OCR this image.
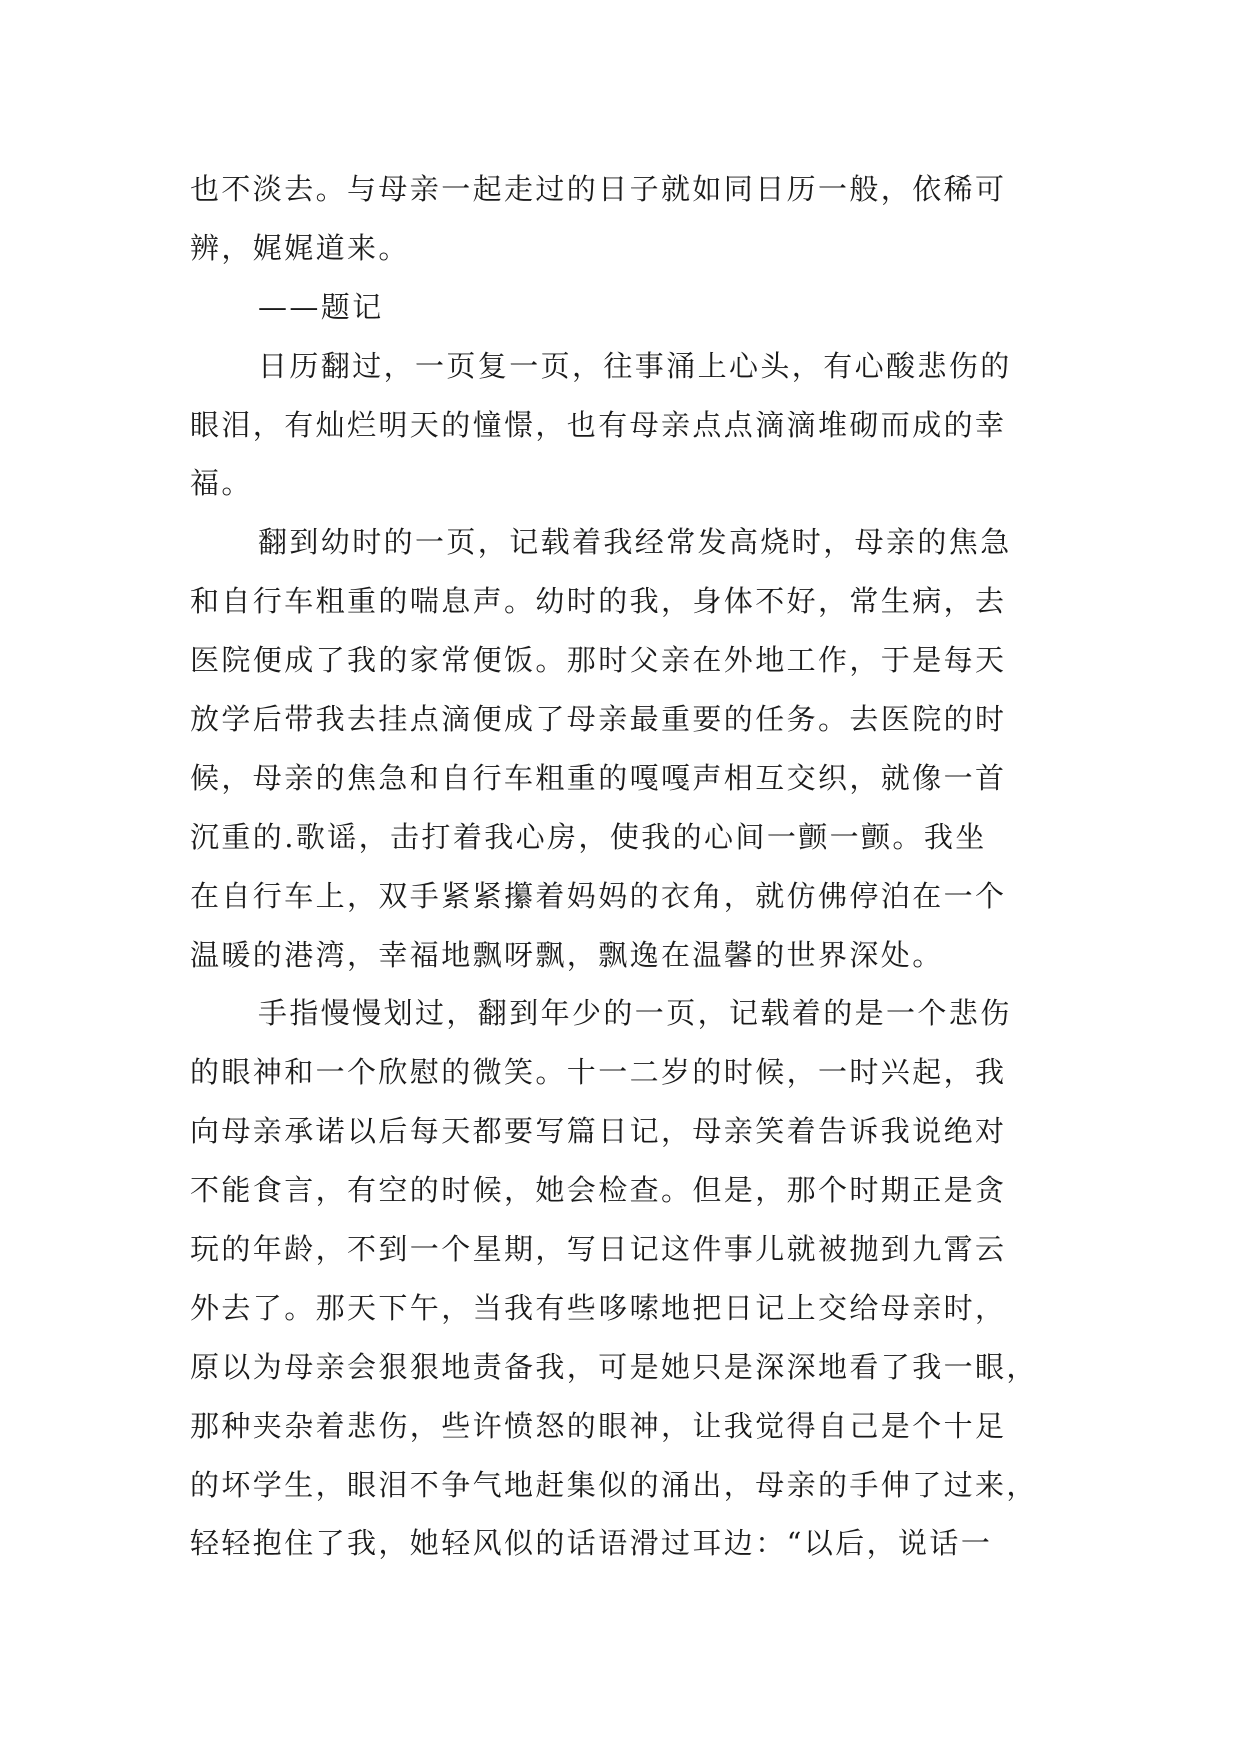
也不淡去。与母亲一起走过的日子就如同日历一般，依稀可
辨，娓娓道来。
——题记
日历翻过，一页复一页，往事涌上心头，有心酸悲伤的
眼泪，有灿烂明天的憧憬，也有母亲点点滴滴堆砌而成的幸
福。
翻到幼时的一页，记载着我经常发高烧时，母亲的焦急
和自行车粗重的喘息声。幼时的我，身体不好，常生病，去
医院便成了我的家常便饭。那时父亲在外地工作，于是每天
放学后带我去挂点滴便成了母亲最重要的任务。去医院的时
候，母亲的焦急和自行车粗重的嘎嘎声相互交织，就像一首
沉重的.歌谣，击打着我心房，使我的心间一颤一颤。我坐
在自行车上，双手紧紧攥着妈妈的衣角，就仿佛停泊在一个
温暖的港湾，幸福地飘呀飘，飘逸在温馨的世界深处。
手指慢慢划过，翻到年少的一页，记载着的是一个悲伤
的眼神和一个欣慰的微笑。十一二岁的时候，一时兴起，我
向母亲承诺以后每天都要写篇日记，母亲笑着告诉我说绝对
不能食言，有空的时候，她会检查。但是，那个时期正是贪
玩的年龄，不到一个星期，写日记这件事儿就被抛到九霄云
外去了。那天下午，当我有些哆嗦地把日记上交给母亲时，
原以为母亲会狠狠地责备我，可是她只是深深地看了我一眼，
那种夹杂着悲伤，些许愤怒的眼神，让我觉得自己是个十足
的坏学生，眼泪不争气地赶集似的涌出，母亲的手伸了过来，
轻轻抱住了我，她轻风似的话语滑过耳边：“以后，说话一
